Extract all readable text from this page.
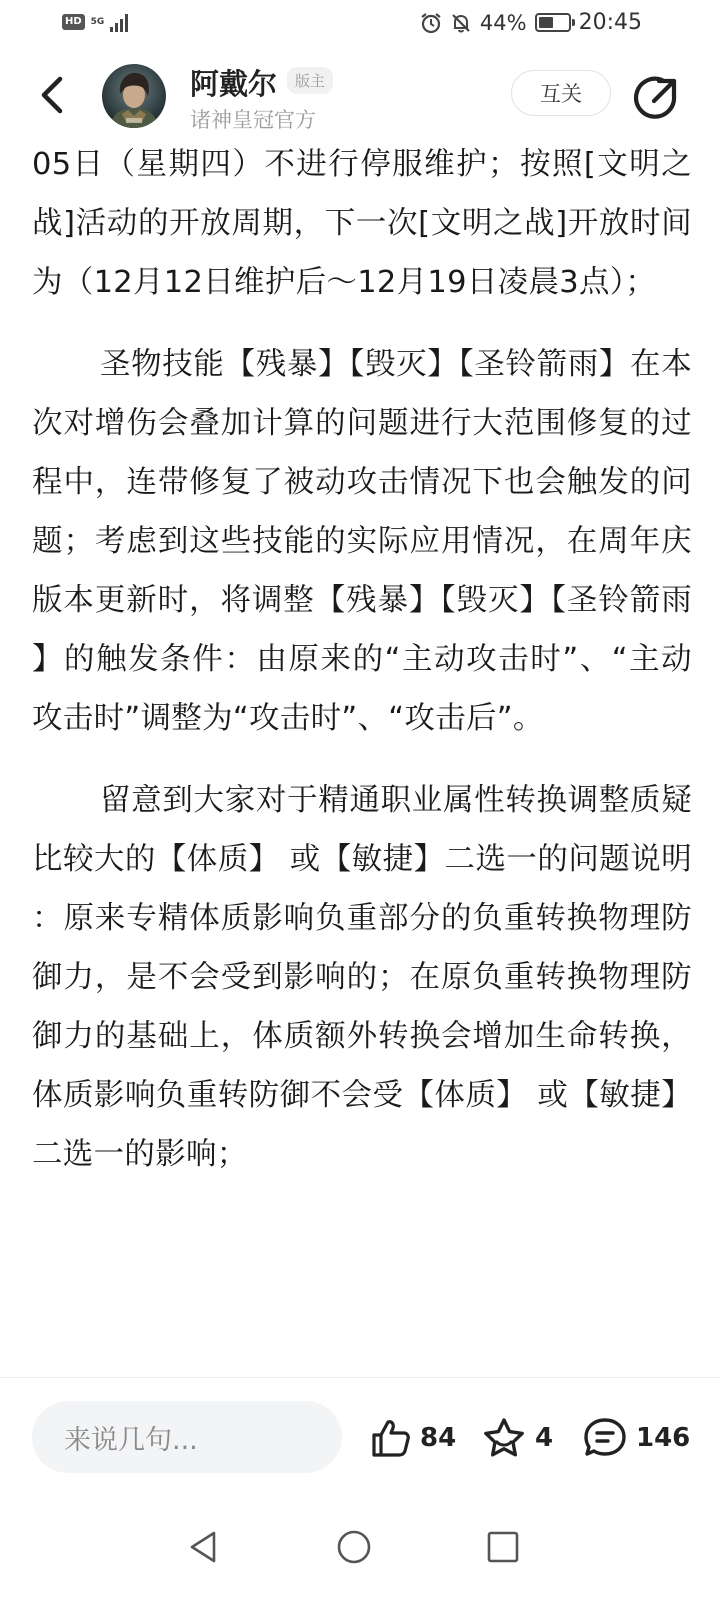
HD	5G	44% 20:45
阿戴尔	版主
诸神皇冠官方
互关

05日（星期四）不进行停服维护；按照[文明之战]活动的开放周期，下一次[文明之战]开放时间为（12月12日维护后～12月19日凌晨3点）；

圣物技能【残暴】【毁灭】【圣铃箭雨】在本次对增伤会叠加计算的问题进行大范围修复的过程中，连带修复了被动攻击情况下也会触发的问题；考虑到这些技能的实际应用情况，在周年庆版本更新时，将调整【残暴】【毁灭】【圣铃箭雨】的触发条件：由原来的“主动攻击时”、“主动攻击时”调整为“攻击时”、“攻击后”。

留意到大家对于精通职业属性转换调整质疑比较大的【体质】 或【敏捷】二选一的问题说明：原来专精体质影响负重部分的负重转换物理防御力，是不会受到影响的；在原负重转换物理防御力的基础上，体质额外转换会增加生命转换，体质影响负重转防御不会受【体质】 或【敏捷】二选一的影响；

来说几句...	84	4	146
